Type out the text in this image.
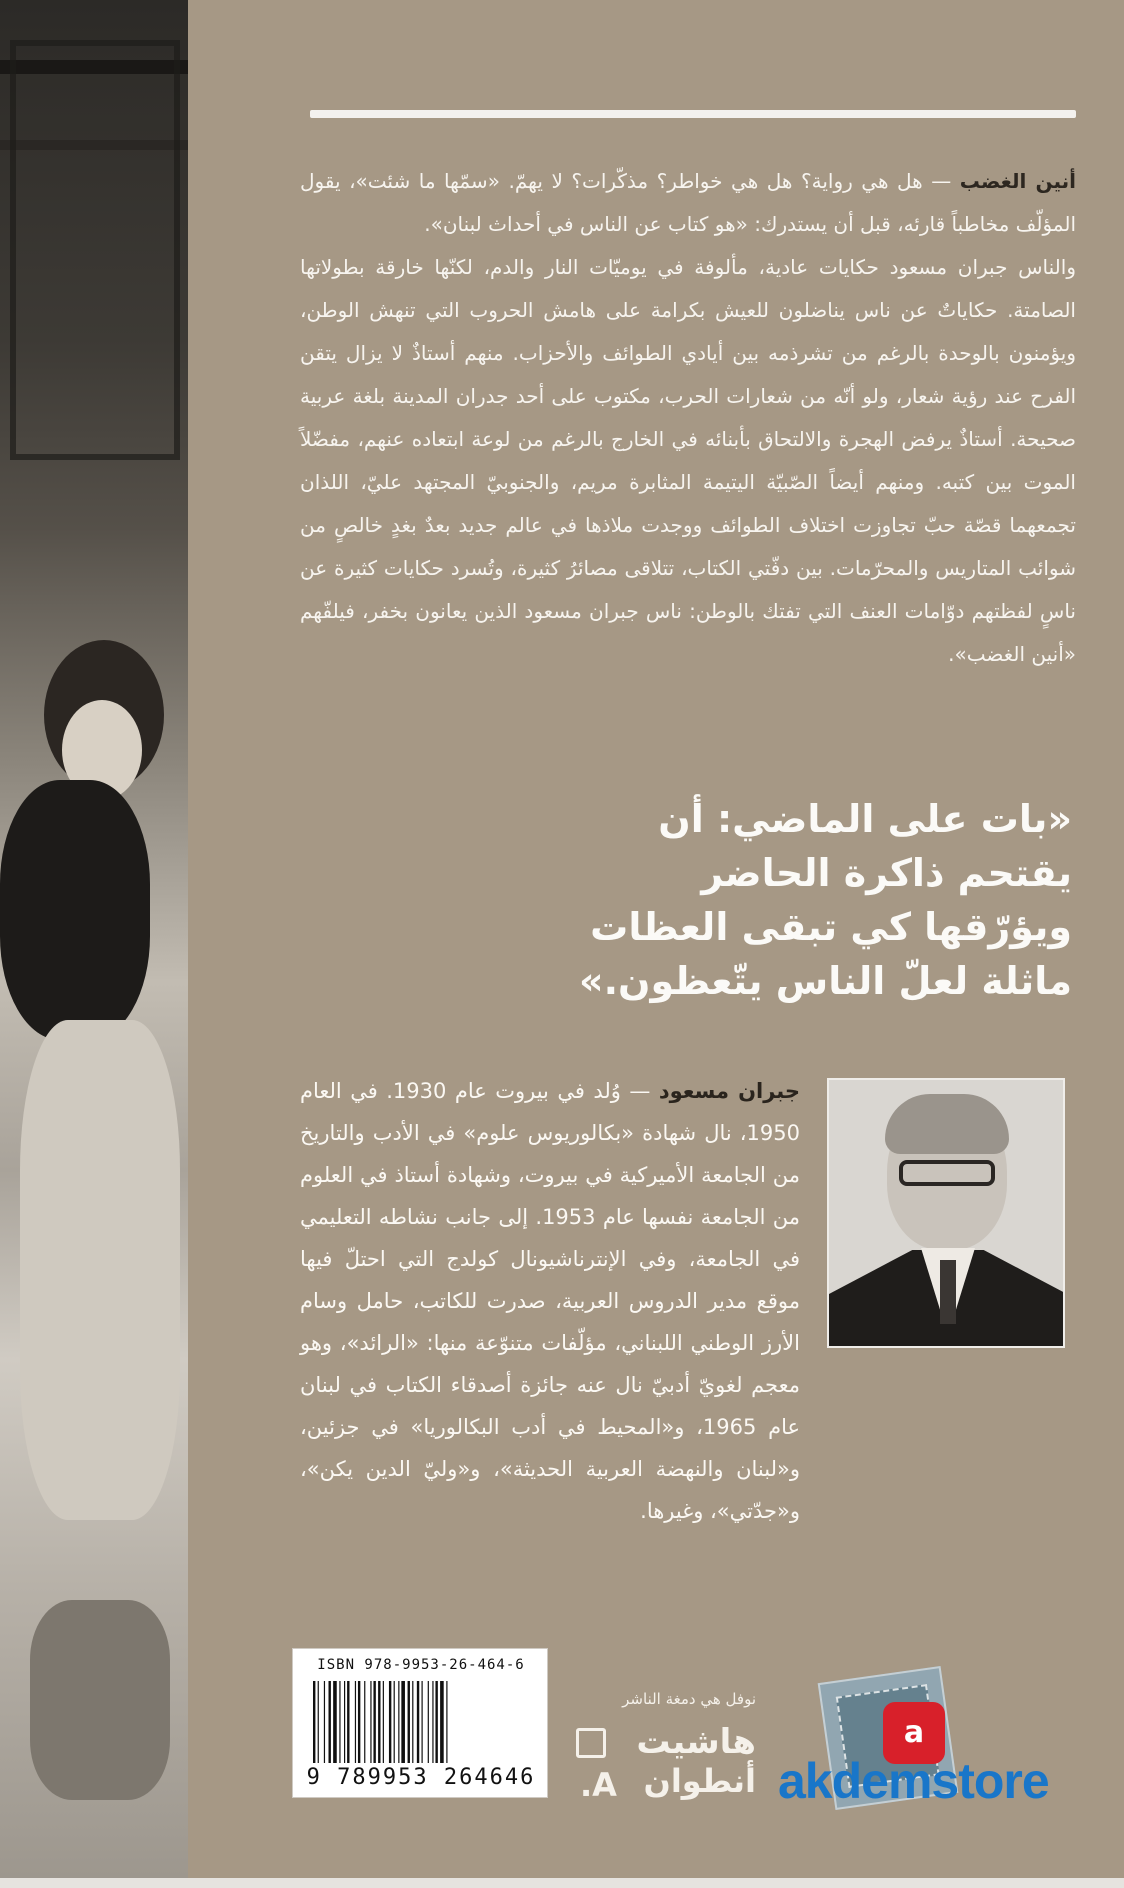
أنين الغضب — هل هي رواية؟ هل هي خواطر؟ مذكّرات؟ لا يهمّ. «سمّها ما شئت»، يقول المؤلّف مخاطباً قارئه، قبل أن يستدرك: «هو كتاب عن الناس في أحداث لبنان».

والناس جبران مسعود حكايات عادية، مألوفة في يوميّات النار والدم، لكنّها خارقة بطولاتها الصامتة. حكاياتٌ عن ناس يناضلون للعيش بكرامة على هامش الحروب التي تنهش الوطن، ويؤمنون بالوحدة بالرغم من تشرذمه بين أيادي الطوائف والأحزاب. منهم أستاذٌ لا يزال يتقن الفرح عند رؤية شعار، ولو أنّه من شعارات الحرب، مكتوب على أحد جدران المدينة بلغة عربية صحيحة. أستاذٌ يرفض الهجرة والالتحاق بأبنائه في الخارج بالرغم من لوعة ابتعاده عنهم، مفضّلاً الموت بين كتبه. ومنهم أيضاً الصّبيّة اليتيمة المثابرة مريم، والجنوبيّ المجتهد عليّ، اللذان تجمعهما قصّة حبّ تجاوزت اختلاف الطوائف ووجدت ملاذها في عالم جديد بعدٌ بغدٍ خالصٍ من شوائب المتاريس والمحرّمات. بين دفّتي الكتاب، تتلاقى مصائرُ كثيرة، وتُسرد حكايات كثيرة عن ناسٍ لفظتهم دوّامات العنف التي تفتك بالوطن: ناس جبران مسعود الذين يعانون بخفر، فيلفّهم «أنين الغضب».

«بات على الماضي: أن
يقتحم ذاكرة الحاضر
ويؤرّقها كي تبقى العظات
ماثلة لعلّ الناس يتّعظون.»
جبران مسعود — وُلد في بيروت عام 1930. في العام 1950، نال شهادة «بكالوريوس علوم» في الأدب والتاريخ من الجامعة الأميركية في بيروت، وشهادة أستاذ في العلوم من الجامعة نفسها عام 1953. إلى جانب نشاطه التعليمي في الجامعة، وفي الإنترناشيونال كولدج التي احتلّ فيها موقع مدير الدروس العربية، صدرت للكاتب، حامل وسام الأرز الوطني اللبناني، مؤلّفات متنوّعة منها: «الرائد»، وهو معجم لغويّ أدبيّ نال عنه جائزة أصدقاء الكتاب في لبنان عام 1965، و«المحيط في أدب البكالوريا» في جزئين، و«لبنان والنهضة العربية الحديثة»، و«وليّ الدين يكن»، و«جدّتي»، وغيرها.
ISBN 978-9953-26-464-6
9 789953 264646
نوفل هي دمغة الناشر
هاشيت
أنطوان
A.
a
akdemstore
